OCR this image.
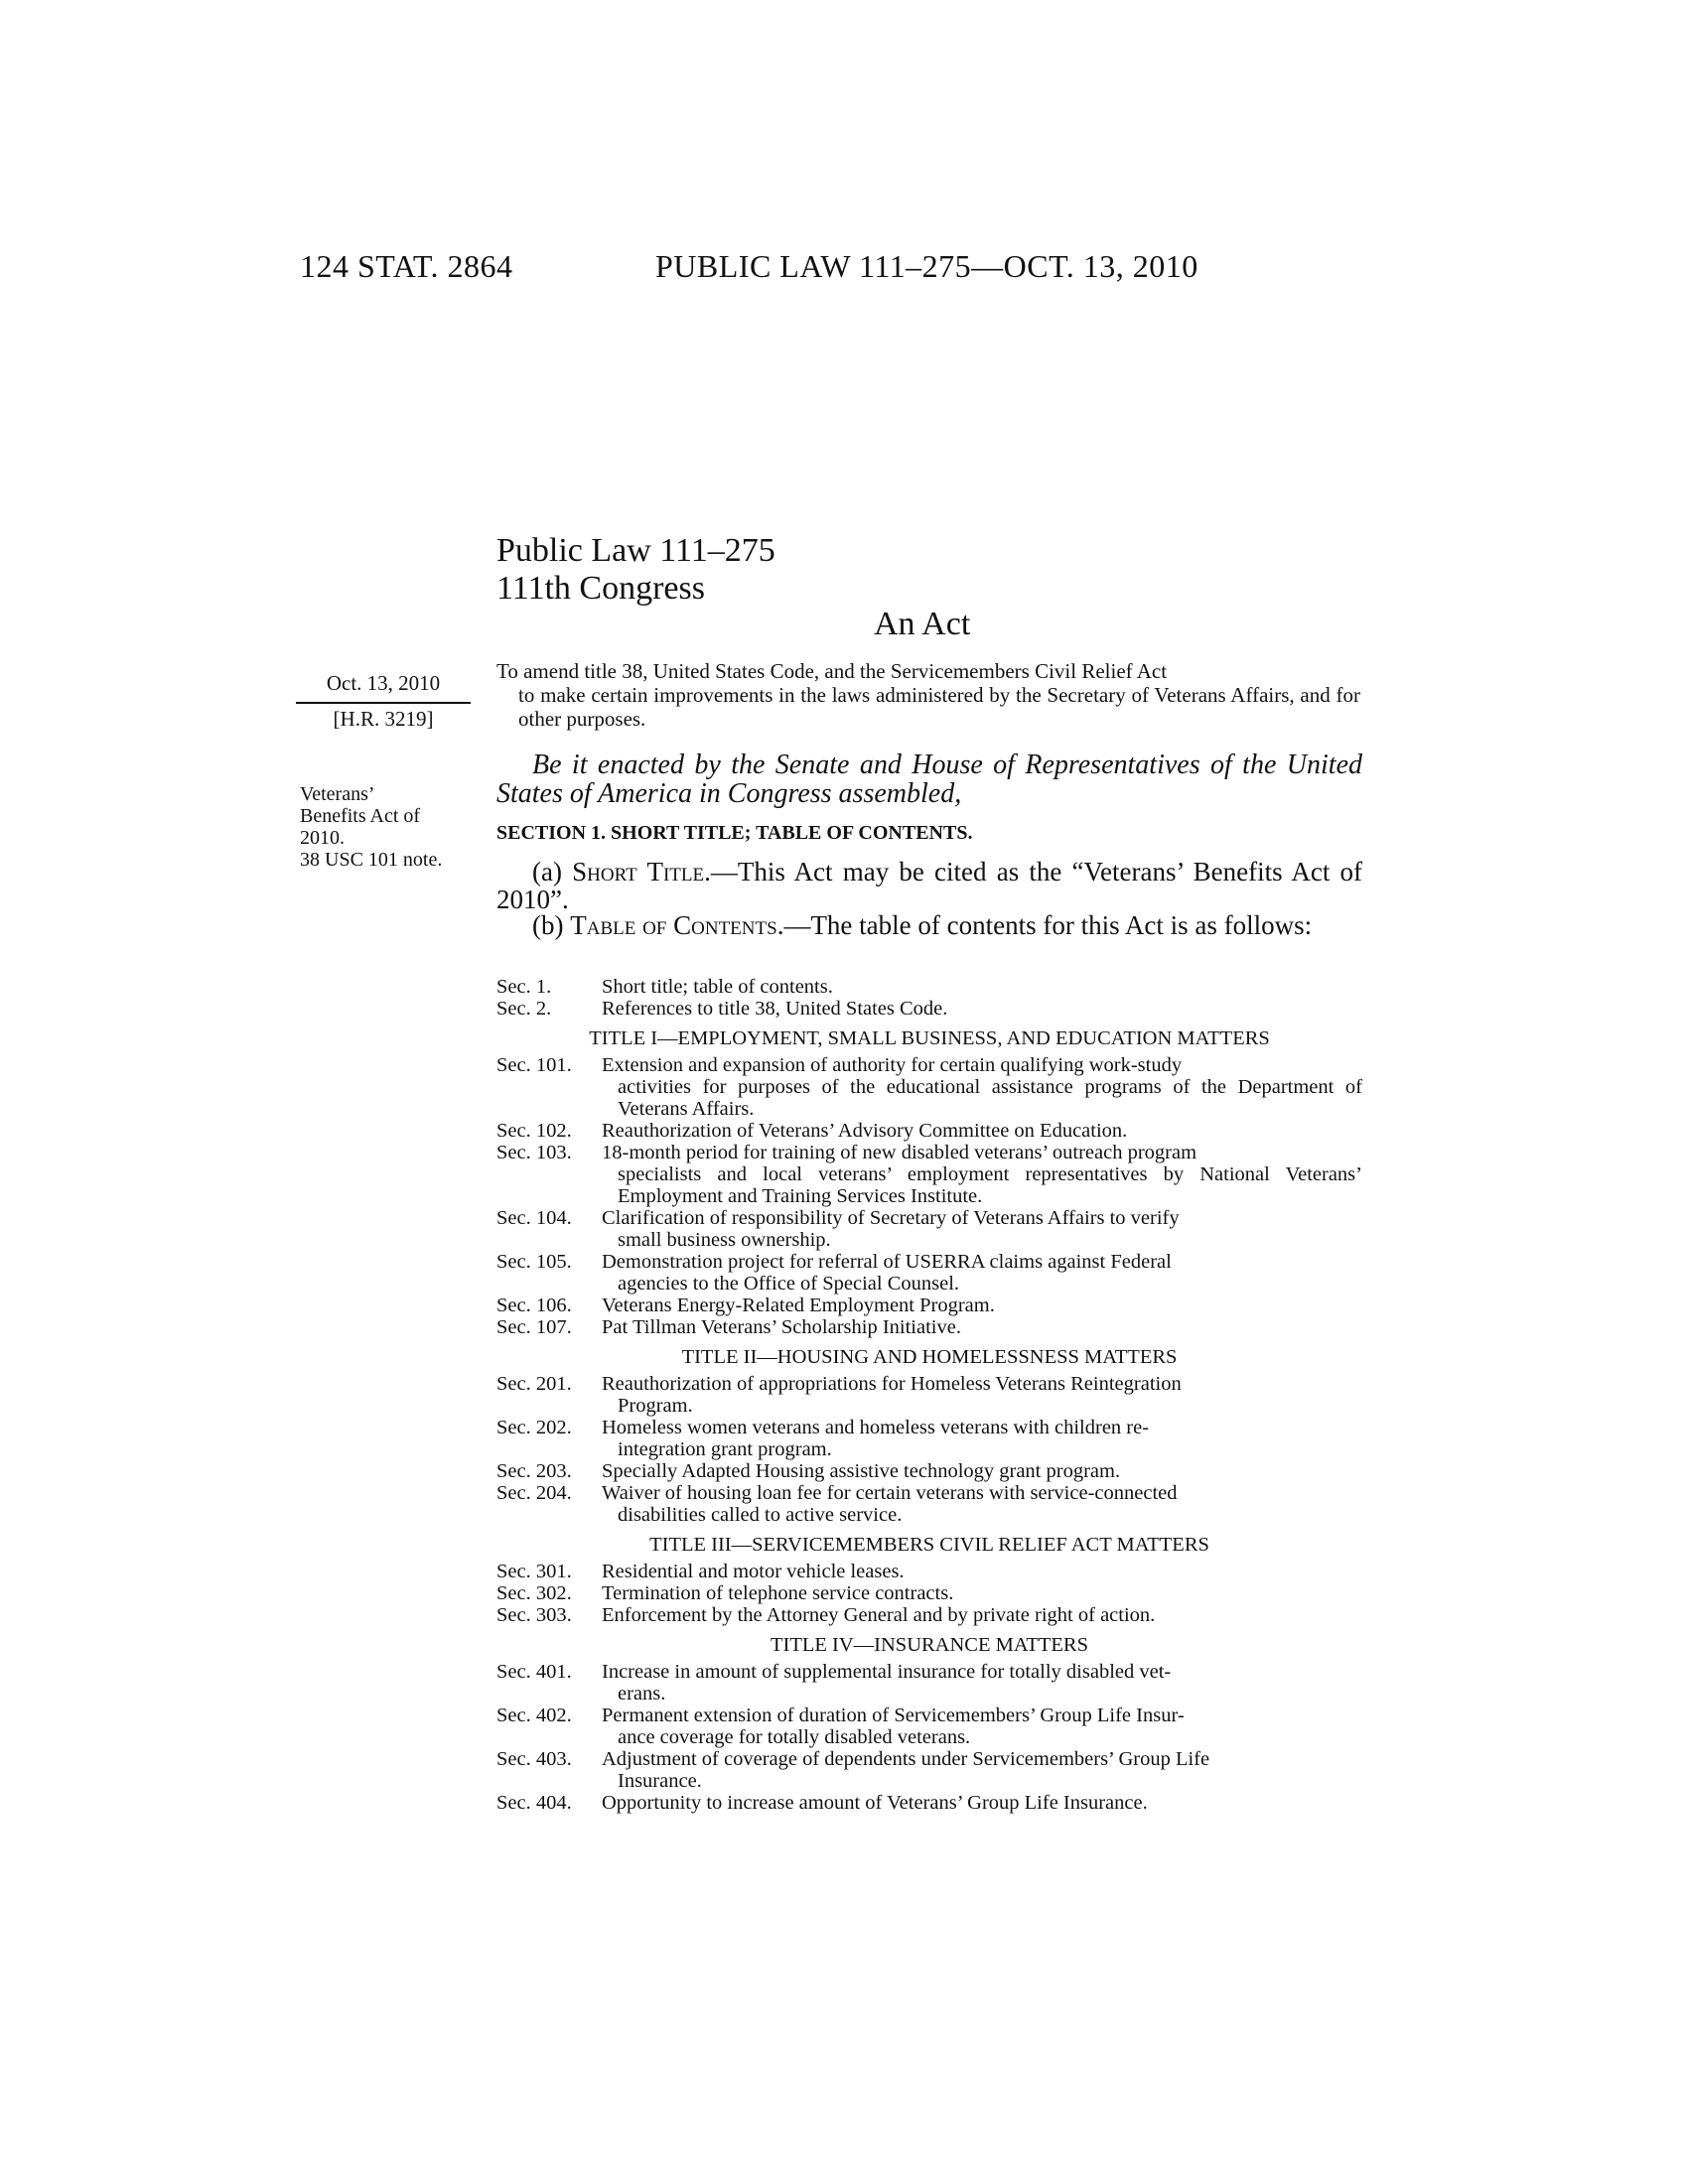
124 STAT. 2864	PUBLIC LAW 111–275—OCT. 13, 2010
Public Law 111–275
111th Congress
An Act
Oct. 13, 2010
[H.R. 3219]
To amend title 38, United States Code, and the Servicemembers Civil Relief Act
to make certain improvements in the laws administered by the Secretary of Veterans Affairs, and for other purposes.
Be it enacted by the Senate and House of Representatives of the United States of America in Congress assembled,
Veterans’
Benefits Act of
2010.
38 USC 101 note.
SECTION 1. SHORT TITLE; TABLE OF CONTENTS.
(a) Short Title.—This Act may be cited as the “Veterans’ Benefits Act of 2010”.
(b) Table of Contents.—The table of contents for this Act is as follows:
Sec. 1.	Short title; table of contents.
Sec. 2.	References to title 38, United States Code.
TITLE I—EMPLOYMENT, SMALL BUSINESS, AND EDUCATION MATTERS
Sec. 101.	Extension and expansion of authority for certain qualifying work-study
activities for purposes of the educational assistance programs of the Department of Veterans Affairs.
Sec. 102.	Reauthorization of Veterans’ Advisory Committee on Education.
Sec. 103.	18-month period for training of new disabled veterans’ outreach program
specialists and local veterans’ employment representatives by National Veterans’ Employment and Training Services Institute.
Sec. 104.	Clarification of responsibility of Secretary of Veterans Affairs to verify
small business ownership.
Sec. 105.	Demonstration project for referral of USERRA claims against Federal
agencies to the Office of Special Counsel.
Sec. 106.	Veterans Energy-Related Employment Program.
Sec. 107.	Pat Tillman Veterans’ Scholarship Initiative.
TITLE II—HOUSING AND HOMELESSNESS MATTERS
Sec. 201.	Reauthorization of appropriations for Homeless Veterans Reintegration
Program.
Sec. 202.	Homeless women veterans and homeless veterans with children re-
integration grant program.
Sec. 203.	Specially Adapted Housing assistive technology grant program.
Sec. 204.	Waiver of housing loan fee for certain veterans with service-connected
disabilities called to active service.
TITLE III—SERVICEMEMBERS CIVIL RELIEF ACT MATTERS
Sec. 301.	Residential and motor vehicle leases.
Sec. 302.	Termination of telephone service contracts.
Sec. 303.	Enforcement by the Attorney General and by private right of action.
TITLE IV—INSURANCE MATTERS
Sec. 401.	Increase in amount of supplemental insurance for totally disabled vet-
erans.
Sec. 402.	Permanent extension of duration of Servicemembers’ Group Life Insur-
ance coverage for totally disabled veterans.
Sec. 403.	Adjustment of coverage of dependents under Servicemembers’ Group Life
Insurance.
Sec. 404.	Opportunity to increase amount of Veterans’ Group Life Insurance.
